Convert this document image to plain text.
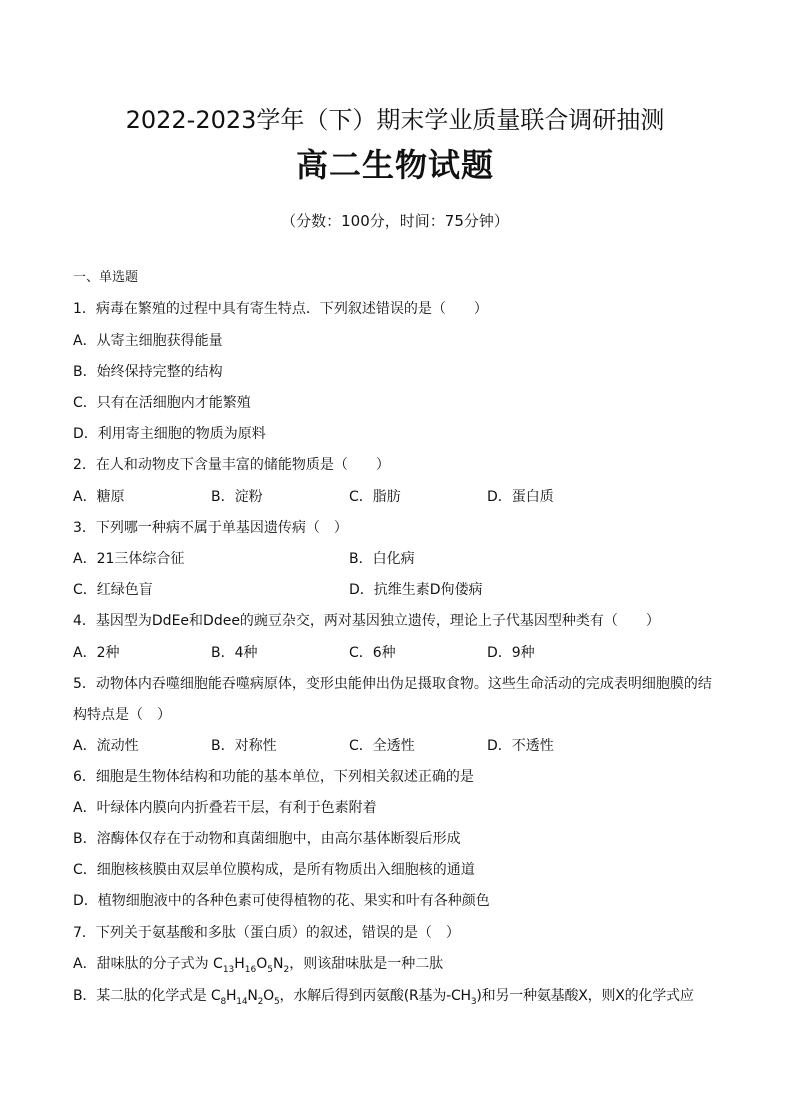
2022-2023学年（下）期末学业质量联合调研抽测
高二生物试题
（分数：100分，时间：75分钟）
一、单选题
1．病毒在繁殖的过程中具有寄生特点．下列叙述错误的是（　　）
A．从寄主细胞获得能量
B．始终保持完整的结构
C．只有在活细胞内才能繁殖
D．利用寄主细胞的物质为原料
2．在人和动物皮下含量丰富的储能物质是（　　）
A．糖原	B．淀粉	C．脂肪	D．蛋白质
3．下列哪一种病不属于单基因遗传病（　）
A．21三体综合征	B．白化病
C．红绿色盲	D．抗维生素D佝偻病
4．基因型为DdEe和Ddee的豌豆杂交，两对基因独立遗传，理论上子代基因型种类有（　　）
A．2种	B．4种	C．6种	D．9种
5．动物体内吞噬细胞能吞噬病原体，变形虫能伸出伪足摄取食物。这些生命活动的完成表明细胞膜的结
构特点是（　）
A．流动性	B．对称性	C．全透性	D．不透性
6．细胞是生物体结构和功能的基本单位，下列相关叙述正确的是
A．叶绿体内膜向内折叠若干层，有利于色素附着
B．溶酶体仅存在于动物和真菌细胞中，由高尔基体断裂后形成
C．细胞核核膜由双层单位膜构成，是所有物质出入细胞核的通道
D．植物细胞液中的各种色素可使得植物的花、果实和叶有各种颜色
7．下列关于氨基酸和多肽（蛋白质）的叙述，错误的是（　）
A．甜味肽的分子式为 $C_{13}H_{16}O_5N_2$，则该甜味肽是一种二肽
B．某二肽的化学式是 $C_8H_{14}N_2O_5$，水解后得到丙氨酸(R基为$-CH_3$)和另一种氨基酸X，则X的化学式应
